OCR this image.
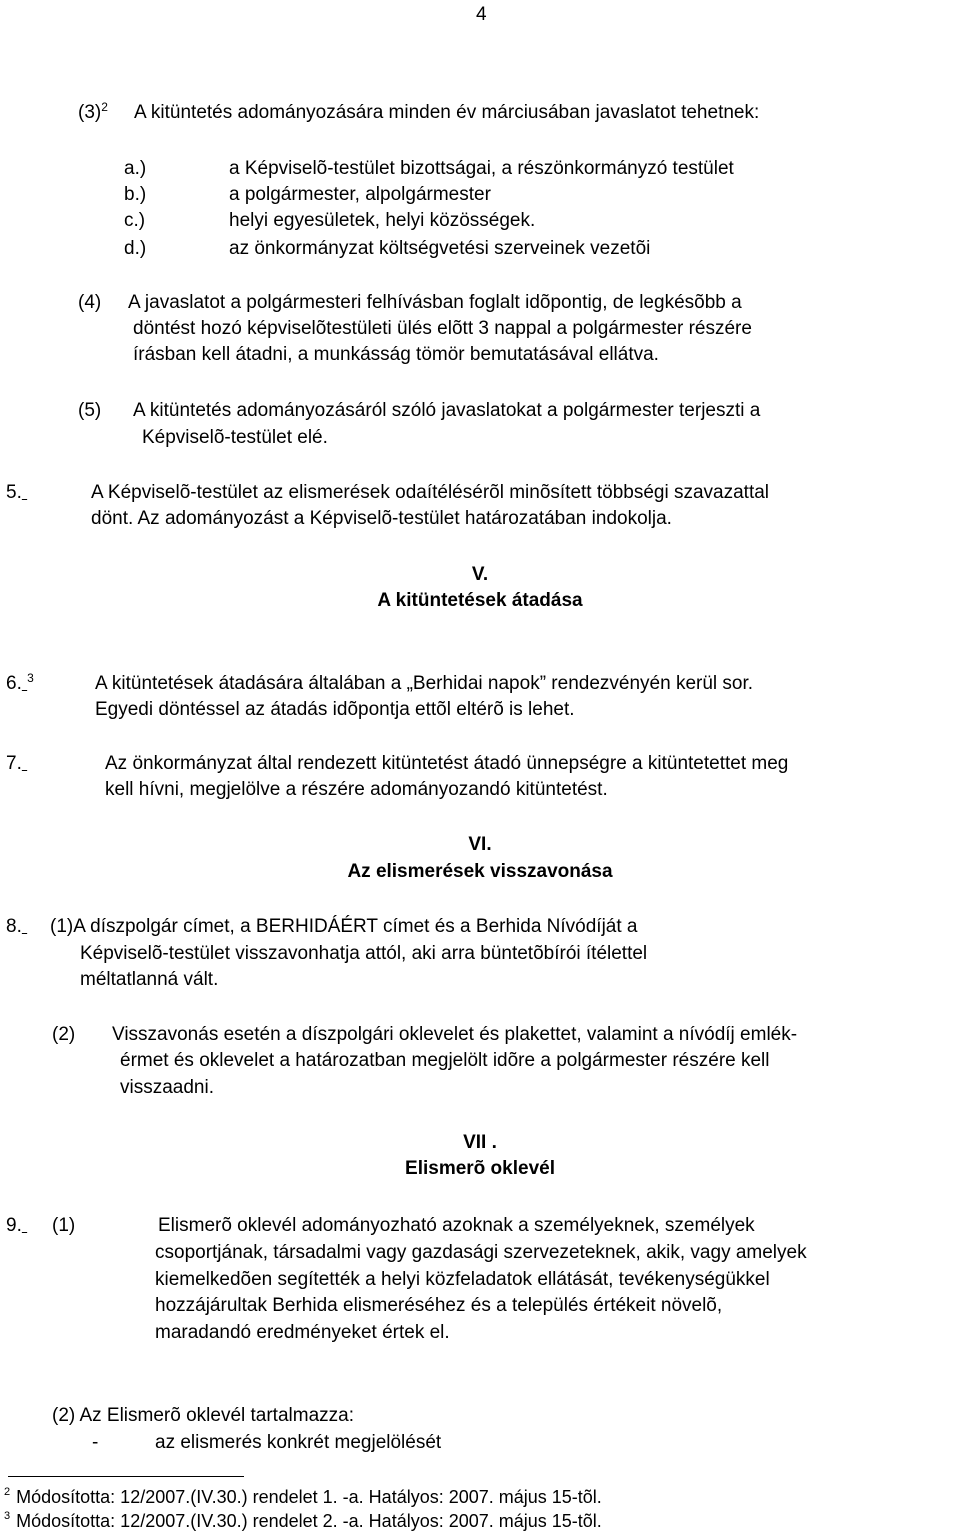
4
$(3)^2$ A kitüntetés adományozására minden év márciusában javaslatot tehetnek:
a.)	a Képviselõ-testület bizottságai, a részönkormányzó testület
b.)	a polgármester, alpolgármester
c.)	helyi egyesületek, helyi közösségek.
d.)	az önkormányzat költségvetési szerveinek vezetõi
(4) A javaslatot a polgármesteri felhívásban foglalt idõpontig, de legkésõbb a
döntést hozó képviselõtestületi ülés elõtt 3 nappal a polgármester részére
írásban kell átadni, a munkásság tömör bemutatásával ellátva.
(5) A kitüntetés adományozásáról szóló javaslatokat a polgármester terjeszti a
Képviselõ-testület elé.
5.	A Képviselõ-testület az elismerések odaítélésérõl minõsített többségi szavazattal
dönt. Az adományozást a Képviselõ-testület határozatában indokolja.
V.
A kitüntetések átadása
6. $^3$	A kitüntetések átadására általában a „Berhidai napok” rendezvényén kerül sor.
Egyedi döntéssel az átadás idõpontja ettõl eltérõ is lehet.
7.	Az önkormányzat által rendezett kitüntetést átadó ünnepségre a kitüntetettet meg
kell hívni, megjelölve a részére adományozandó kitüntetést.
VI.
Az elismerések visszavonása
8. (1)A díszpolgár címet, a BERHIDÁÉRT címet és a Berhida Nívódíját a
Képviselõ-testület visszavonhatja attól, aki arra büntetõbírói ítélettel
méltatlanná vált.
(2) Visszavonás esetén a díszpolgári oklevelet és plakettet, valamint a nívódíj emlék-
érmet és oklevelet a határozatban megjelölt idõre a polgármester részére kell
visszaadni.
VII .
Elismerõ oklevél
9. (1)	Elismerõ oklevél adományozható azoknak a személyeknek, személyek
csoportjának, társadalmi vagy gazdasági szervezeteknek, akik, vagy amelyek
kiemelkedõen segítették a helyi közfeladatok ellátását, tevékenységükkel
hozzájárultak Berhida elismeréséhez és a település értékeit növelõ,
maradandó eredményeket értek el.
(2) Az Elismerõ oklevél tartalmazza:
-	az elismerés konkrét megjelölését
$^2$ Módosította: 12/2007.(IV.30.) rendelet 1. -a. Hatályos: 2007. május 15-tõl.
$^3$ Módosította: 12/2007.(IV.30.) rendelet 2. -a. Hatályos: 2007. május 15-tõl.
